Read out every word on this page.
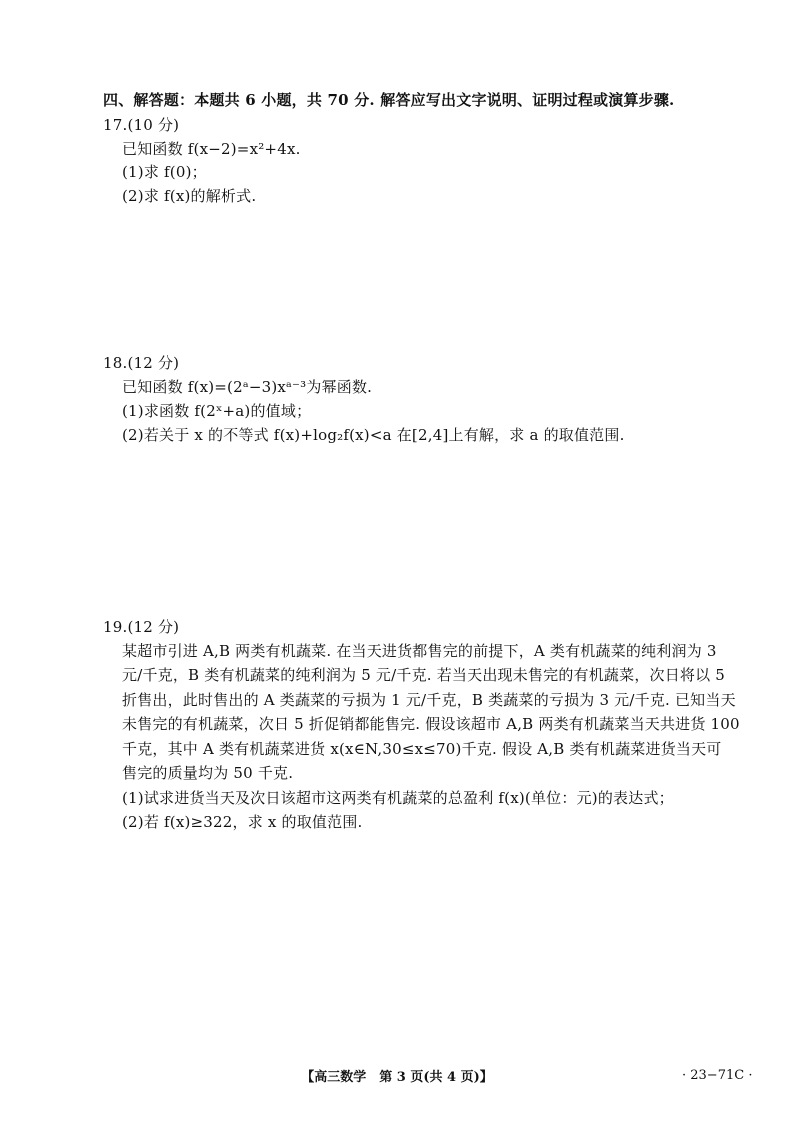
四、解答题：本题共 6 小题，共 70 分. 解答应写出文字说明、证明过程或演算步骤.
17.(10 分)
已知函数 f(x−2)=x²+4x.
(1)求 f(0)；
(2)求 f(x)的解析式.
18.(12 分)
已知函数 f(x)=(2ᵃ−3)xᵃ⁻³为幂函数.
(1)求函数 f(2ˣ+a)的值域；
(2)若关于 x 的不等式 f(x)+log₂f(x)<a 在[2,4]上有解，求 a 的取值范围.
19.(12 分)
某超市引进 A,B 两类有机蔬菜. 在当天进货都售完的前提下，A 类有机蔬菜的纯利润为 3
元/千克，B 类有机蔬菜的纯利润为 5 元/千克. 若当天出现未售完的有机蔬菜，次日将以 5
折售出，此时售出的 A 类蔬菜的亏损为 1 元/千克，B 类蔬菜的亏损为 3 元/千克. 已知当天
未售完的有机蔬菜，次日 5 折促销都能售完. 假设该超市 A,B 两类有机蔬菜当天共进货 100
千克，其中 A 类有机蔬菜进货 x(x∈N,30≤x≤70)千克. 假设 A,B 类有机蔬菜进货当天可
售完的质量均为 50 千克.
(1)试求进货当天及次日该超市这两类有机蔬菜的总盈利 f(x)(单位：元)的表达式；
(2)若 f(x)≥322，求 x 的取值范围.
【高三数学　第 3 页(共 4 页)】	· 23−71C ·
